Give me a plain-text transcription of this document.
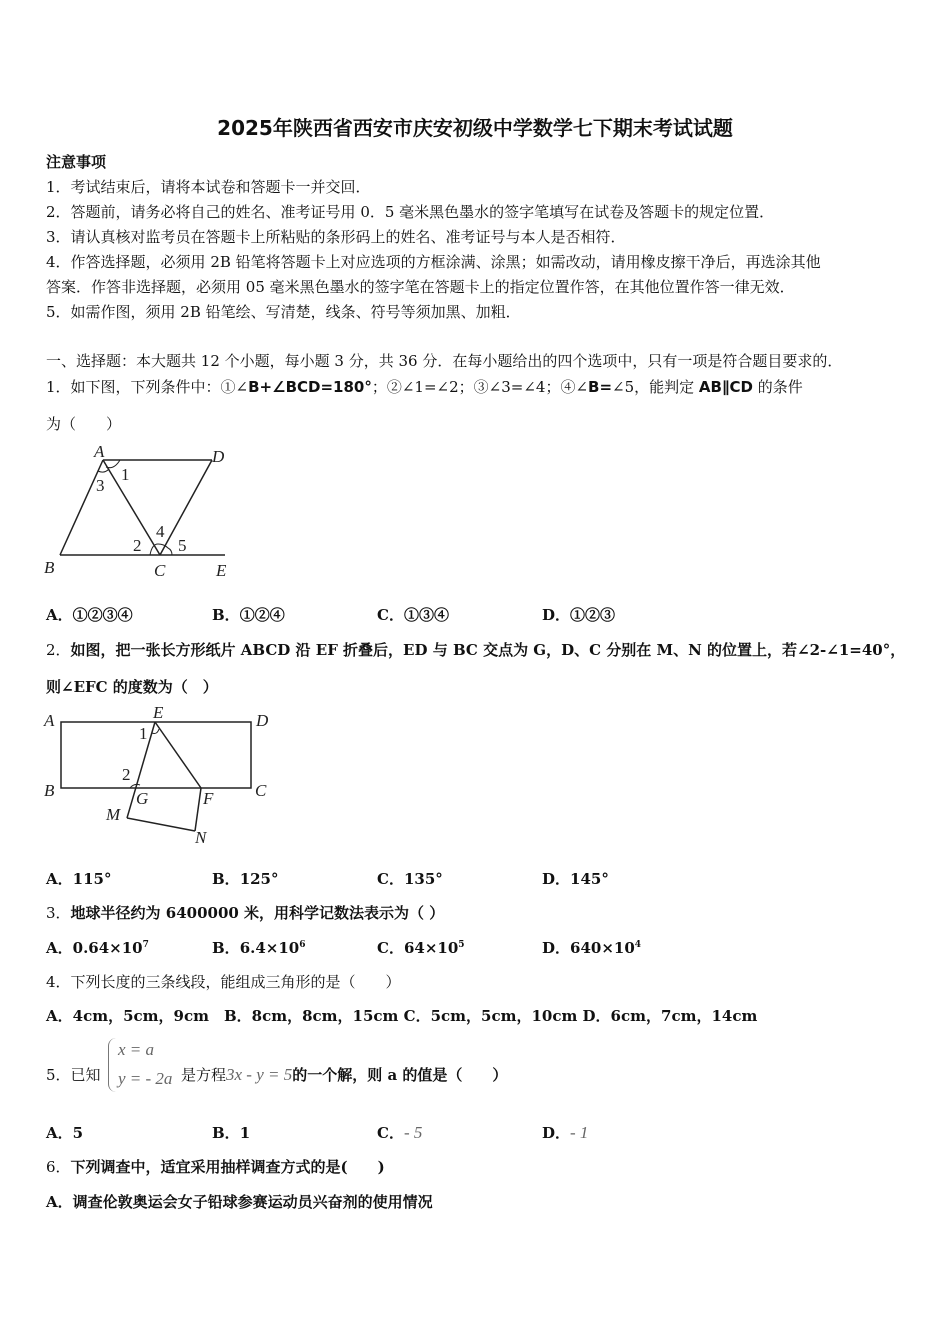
2025年陕西省西安市庆安初级中学数学七下期末考试试题
注意事项
1．考试结束后，请将本试卷和答题卡一并交回．
2．答题前，请务必将自己的姓名、准考证号用 0．5 毫米黑色墨水的签字笔填写在试卷及答题卡的规定位置．
3．请认真核对监考员在答题卡上所粘贴的条形码上的姓名、准考证号与本人是否相符．
4．作答选择题，必须用 2B 铅笔将答题卡上对应选项的方框涂满、涂黑；如需改动，请用橡皮擦干净后，再选涂其他
答案．作答非选择题，必须用 05 毫米黑色墨水的签字笔在答题卡上的指定位置作答，在其他位置作答一律无效．
5．如需作图，须用 2B 铅笔绘、写清楚，线条、符号等须加黑、加粗．
一、选择题：本大题共 12 个小题，每小题 3 分，共 36 分．在每小题给出的四个选项中，只有一项是符合题目要求的．
1．如下图，下列条件中：①∠B+∠BCD=180°；②∠1=∠2；③∠3=∠4；④∠B=∠5，能判定 AB∥CD 的条件
为（　　）
A	D
B	C	E
1
3
2
4
5
A．①②③④	B．①②④	C．①③④	D．①②③
2．如图，把一张长方形纸片 ABCD 沿 EF 折叠后，ED 与 BC 交点为 G，D、C 分别在 M、N 的位置上，若∠2-∠1=40°，
则∠EFC 的度数为（　）
A	E	D
B	G	F C
M
N
1
2
A．115°	B．125°	C．135°	D．145°
3．地球半径约为 6400000 米，用科学记数法表示为（ ）
A．$0.64\times 10^7$	B．$6.4\times 10^6$	C．$64\times 10^5$	D．$640\times 10^4$
4．下列长度的三条线段，能组成三角形的是（　　）
A．4cm，5cm，9cm　B．8cm，8cm，15cm C．5cm，5cm，10cm D．6cm，7cm，14cm
x = a
y = - 2a
5．已知	是方程3x - y = 5的一个解，则 a 的值是（　　）
A．5	B．1	C．- 5	D．- 1
6．下列调查中，适宜采用抽样调查方式的是(　　)
A．调查伦敦奥运会女子铅球参赛运动员兴奋剂的使用情况
